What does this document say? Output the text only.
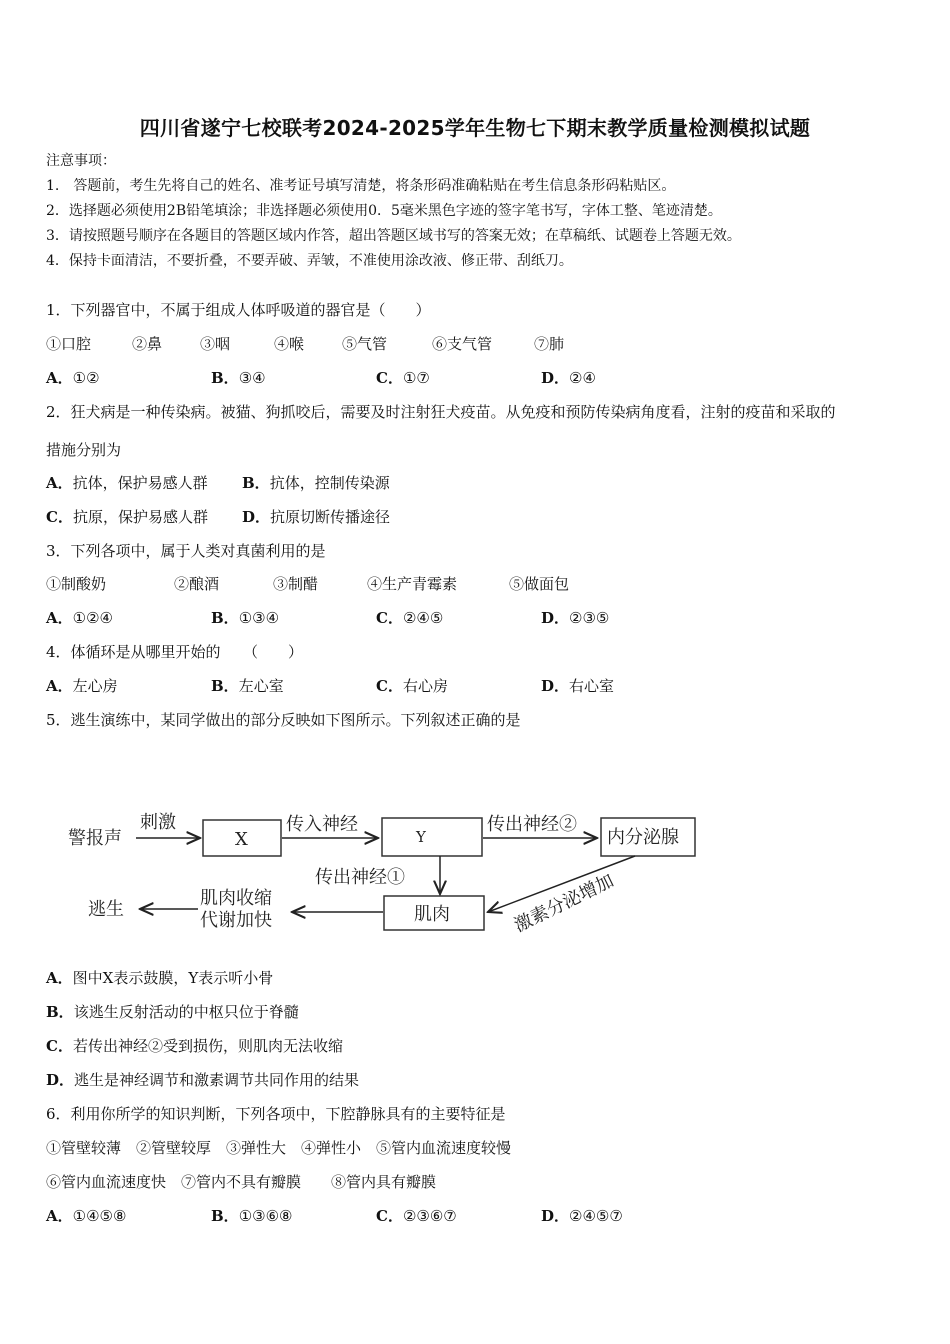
四川省遂宁七校联考2024-2025学年生物七下期末教学质量检测模拟试题
注意事项：
1.　答题前，考生先将自己的姓名、准考证号填写清楚，将条形码准确粘贴在考生信息条形码粘贴区。
2．选择题必须使用2B铅笔填涂；非选择题必须使用0．5毫米黑色字迹的签字笔书写，字体工整、笔迹清楚。
3．请按照题号顺序在各题目的答题区域内作答，超出答题区域书写的答案无效；在草稿纸、试题卷上答题无效。
4．保持卡面清洁，不要折叠，不要弄破、弄皱，不准使用涂改液、修正带、刮纸刀。
1．下列器官中，不属于组成人体呼吸道的器官是（　　）
①口腔	②鼻	③咽	④喉	⑤气管	⑥支气管	⑦肺
A．①②	B．③④	C．①⑦	D．②④
2．狂犬病是一种传染病。被猫、狗抓咬后，需要及时注射狂犬疫苗。从免疫和预防传染病角度看，注射的疫苗和采取的
措施分别为
A．抗体，保护易感人群 B．抗体，控制传染源
C．抗原，保护易感人群 D．抗原切断传播途径
3．下列各项中，属于人类对真菌利用的是
①制酸奶	②酿酒	③制醋	④生产青霉素	⑤做面包
A．①②④	B．①③④	C．②④⑤	D．②③⑤
4．体循环是从哪里开始的　　（　　）
A．左心房	B．左心室	C．右心房	D．右心室
5．逃生演练中，某同学做出的部分反映如下图所示。下列叙述正确的是
警报声
刺激
X
传入神经
Y
传出神经②
内分泌腺
传出神经①	激素分泌增加
肌肉
肌肉收缩
代谢加快
逃生
A．图中X表示鼓膜，Y表示听小骨
B．该逃生反射活动的中枢只位于脊髓
C．若传出神经②受到损伤，则肌肉无法收缩
D．逃生是神经调节和激素调节共同作用的结果
6．利用你所学的知识判断，下列各项中，下腔静脉具有的主要特征是
①管壁较薄　②管壁较厚　③弹性大　④弹性小　⑤管内血流速度较慢
⑥管内血流速度快　⑦管内不具有瓣膜　　⑧管内具有瓣膜
A．①④⑤⑧	B．①③⑥⑧	C．②③⑥⑦	D．②④⑤⑦
